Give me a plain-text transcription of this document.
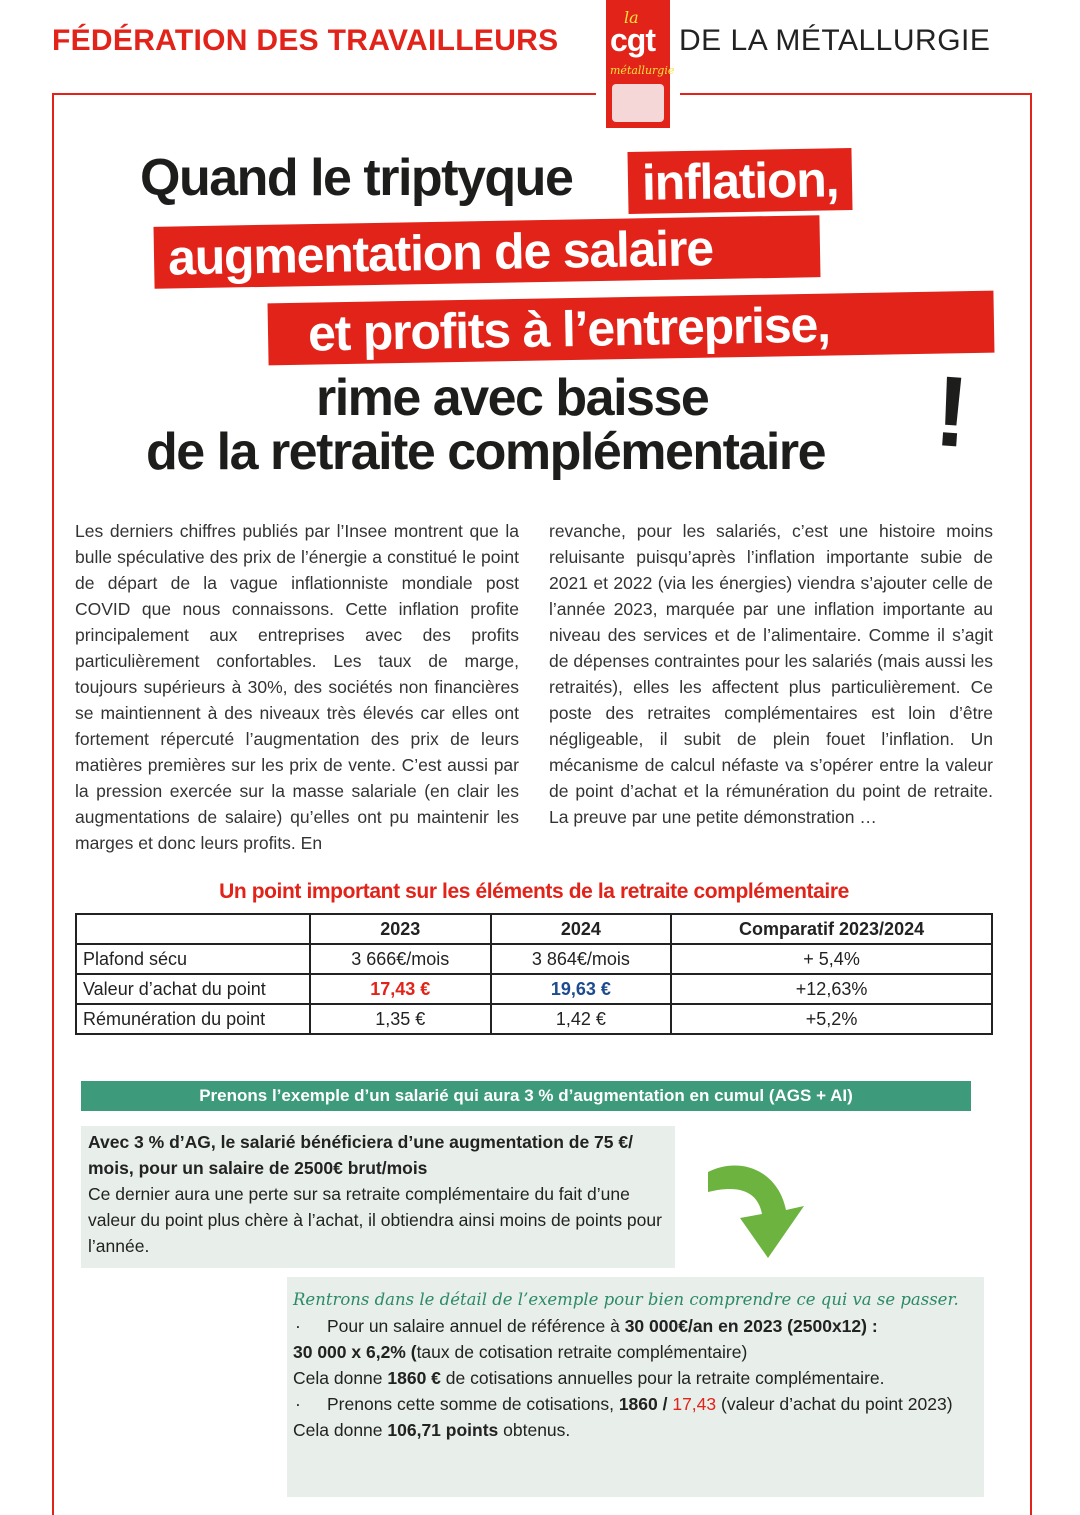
FÉDÉRATION DES TRAVAILLEURS	DE LA MÉTALLURGIE
la
cgt
métallurgie
Quand le triptyque inflation,
augmentation de salaire
et profits à l’entreprise,
rime avec baisse
de la retraite complémentaire !
Les derniers chiffres publiés par l’Insee montrent que la bulle spéculative des prix de l’énergie a constitué le point de départ de la vague inflationniste mondiale post COVID que nous connaissons. Cette inflation profite principalement aux entreprises avec des profits particulièrement confortables. Les taux de marge, toujours supérieurs à 30%, des sociétés non financières se maintiennent à des niveaux très élevés car elles ont fortement répercuté l’augmentation des prix de leurs matières premières sur les prix de vente. C’est aussi par la pression exercée sur la masse salariale (en clair les augmentations de salaire) qu’elles ont pu maintenir les marges et donc leurs profits. En
revanche, pour les salariés, c’est une histoire moins reluisante puisqu’après l’inflation importante subie de 2021 et 2022 (via les énergies) viendra s’ajouter celle de l’année 2023, marquée par une inflation importante au niveau des services et de l’alimentaire. Comme il s’agit de dépenses contraintes pour les salariés (mais aussi les retraités), elles les affectent plus particulièrement. Ce poste des retraites complémentaires est loin d’être négligeable, il subit de plein fouet l’inflation. Un mécanisme de calcul néfaste va s’opérer entre la valeur de point d’achat et la rémunération du point de retraite. La preuve par une petite démonstration …
Un point important sur les éléments de la retraite complémentaire
	2023	2024	Comparatif 2023/2024
Plafond sécu	3 666€/mois	3 864€/mois	+ 5,4%
Valeur d’achat du point	17,43 €	19,63 €	+12,63%
Rémunération du point	1,35 €	1,42 €	+5,2%
Prenons l’exemple d’un salarié qui aura 3 % d’augmentation en cumul (AGS + AI)
Avec 3 % d’AG, le salarié bénéficiera d’une augmentation de 75 €/ mois, pour un salaire de 2500€ brut/mois
Ce dernier aura une perte sur sa retraite complémentaire du fait d’une valeur du point plus chère à l’achat, il obtiendra ainsi moins de points pour l’année.
Rentrons dans le détail de l’exemple pour bien comprendre ce qui va se passer.
· Pour un salaire annuel de référence à 30 000€/an en 2023 (2500x12) :
30 000 x 6,2% (taux de cotisation retraite complémentaire)
Cela donne 1860 € de cotisations annuelles pour la retraite complémentaire.
· Prenons cette somme de cotisations, 1860 / 17,43 (valeur d’achat du point 2023)
Cela donne 106,71 points obtenus.
